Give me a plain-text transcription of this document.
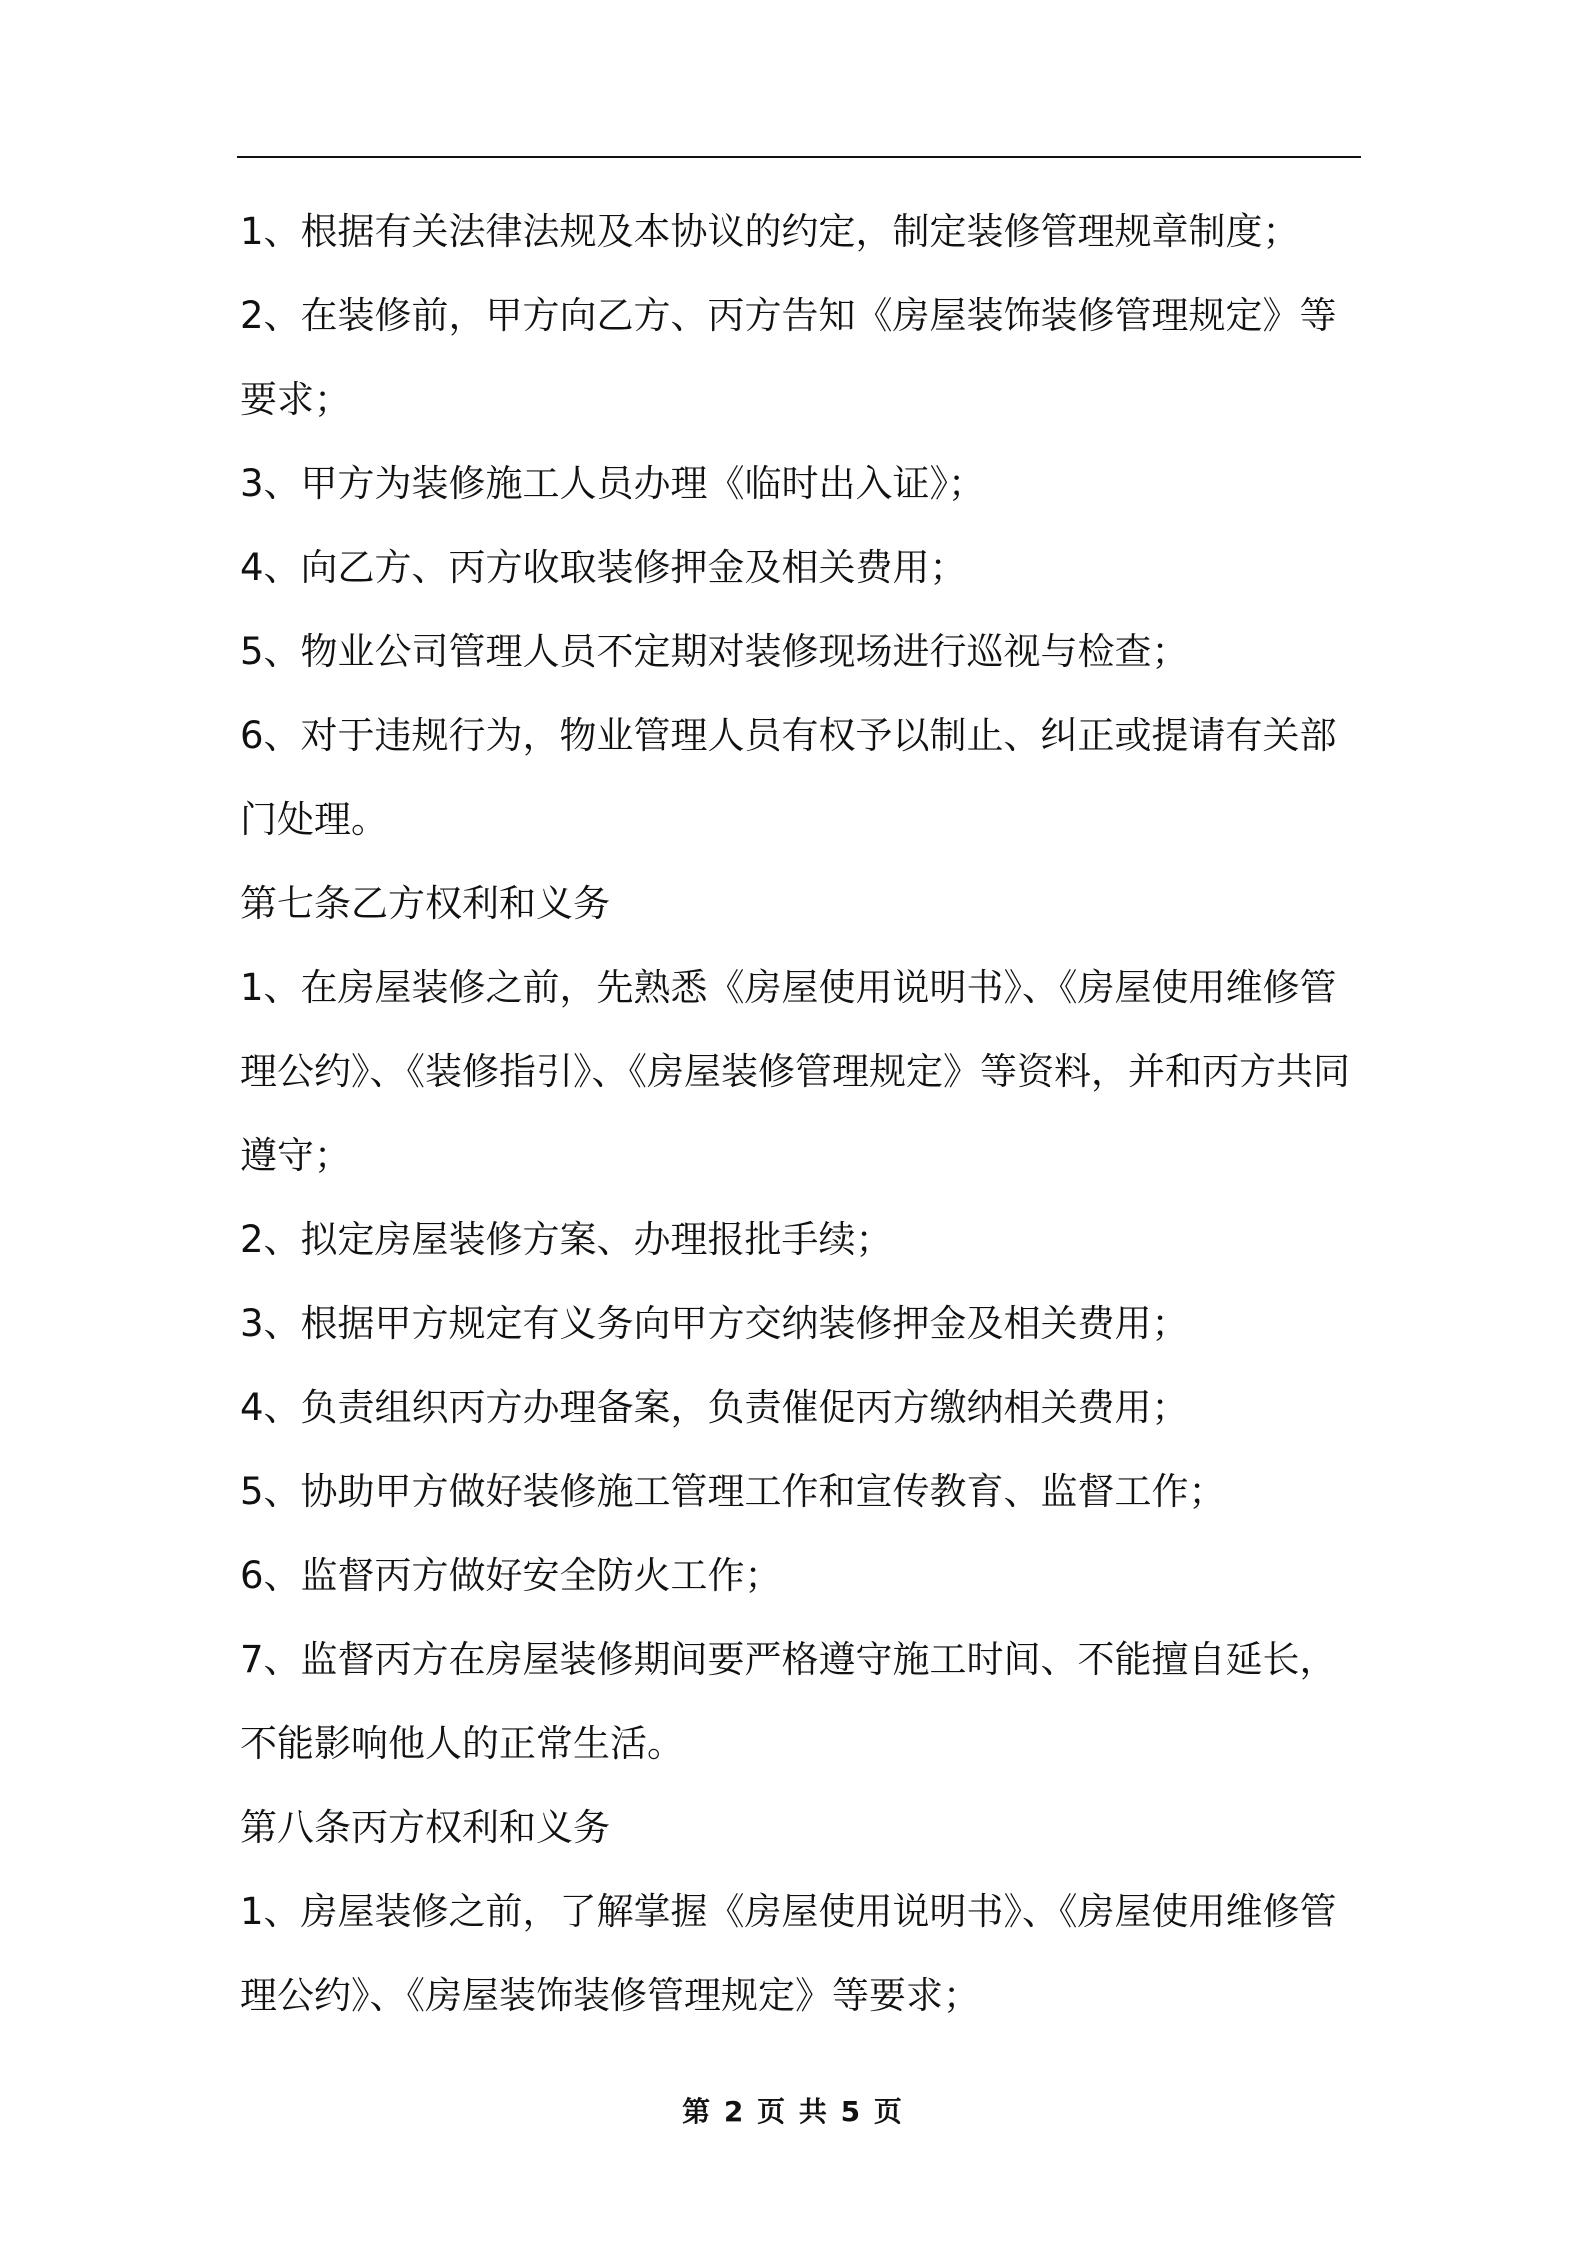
1、根据有关法律法规及本协议的约定，制定装修管理规章制度；
2、在装修前，甲方向乙方、丙方告知《房屋装饰装修管理规定》等
要求；
3、甲方为装修施工人员办理《临时出入证》；
4、向乙方、丙方收取装修押金及相关费用；
5、物业公司管理人员不定期对装修现场进行巡视与检查；
6、对于违规行为，物业管理人员有权予以制止、纠正或提请有关部
门处理。
第七条乙方权利和义务
1、在房屋装修之前，先熟悉《房屋使用说明书》、《房屋使用维修管
理公约》、《装修指引》、《房屋装修管理规定》等资料，并和丙方共同
遵守；
2、拟定房屋装修方案、办理报批手续；
3、根据甲方规定有义务向甲方交纳装修押金及相关费用；
4、负责组织丙方办理备案，负责催促丙方缴纳相关费用；
5、协助甲方做好装修施工管理工作和宣传教育、监督工作；
6、监督丙方做好安全防火工作；
7、监督丙方在房屋装修期间要严格遵守施工时间、不能擅自延长，
不能影响他人的正常生活。
第八条丙方权利和义务
1、房屋装修之前，了解掌握《房屋使用说明书》、《房屋使用维修管
理公约》、《房屋装饰装修管理规定》等要求；
第 2 页 共 5 页
